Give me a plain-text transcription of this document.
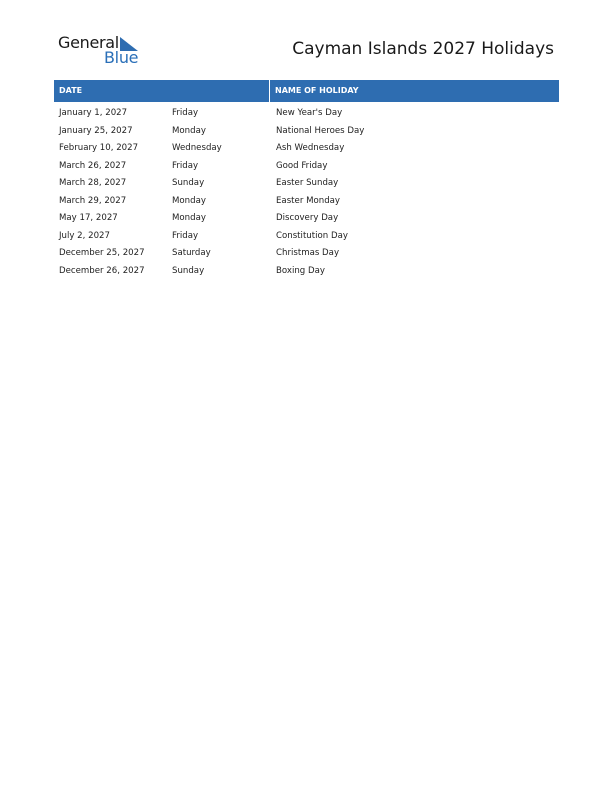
General
Blue	Cayman Islands 2027 Holidays
DATE	NAME OF HOLIDAY
January 1, 2027	Friday	New Year's Day
January 25, 2027	Monday	National Heroes Day
February 10, 2027	Wednesday	Ash Wednesday
March 26, 2027	Friday	Good Friday
March 28, 2027	Sunday	Easter Sunday
March 29, 2027	Monday	Easter Monday
May 17, 2027	Monday	Discovery Day
July 2, 2027	Friday	Constitution Day
December 25, 2027	Saturday	Christmas Day
December 26, 2027	Sunday	Boxing Day
